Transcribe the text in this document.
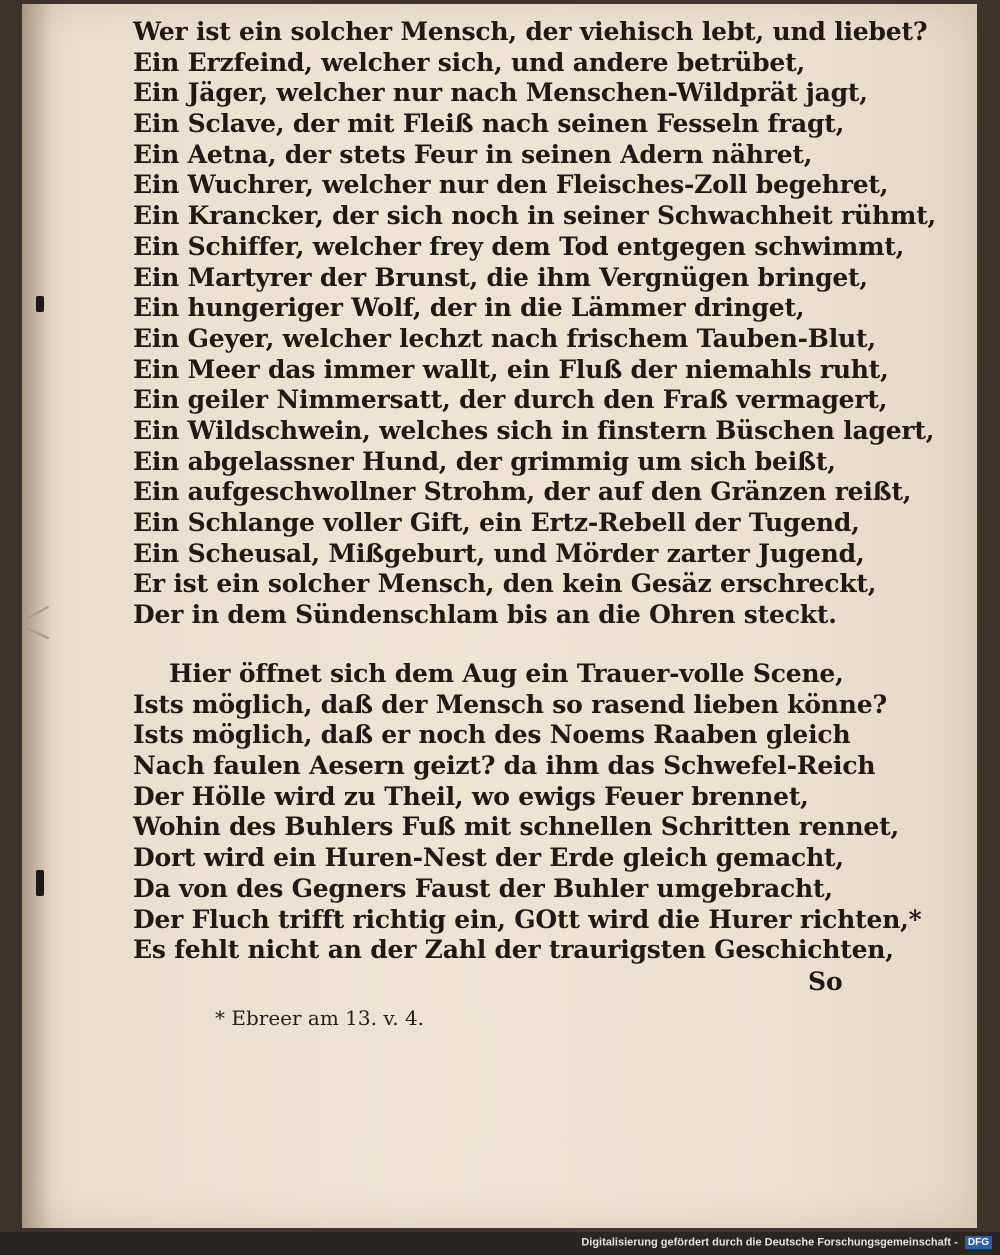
Wer ist ein solcher Mensch, der viehisch lebt, und liebet?
Ein Erzfeind, welcher sich, und andere betrübet,
Ein Jäger, welcher nur nach Menschen-Wildprät jagt,
Ein Sclave, der mit Fleiß nach seinen Fesseln fragt,
Ein Aetna, der stets Feur in seinen Adern nähret,
Ein Wuchrer, welcher nur den Fleisches-Zoll begehret,
Ein Krancker, der sich noch in seiner Schwachheit rühmt,
Ein Schiffer, welcher frey dem Tod entgegen schwimmt,
Ein Martyrer der Brunst, die ihm Vergnügen bringet,
Ein hungeriger Wolf, der in die Lämmer dringet,
Ein Geyer, welcher lechzt nach frischem Tauben-Blut,
Ein Meer das immer wallt, ein Fluß der niemahls ruht,
Ein geiler Nimmersatt, der durch den Fraß vermagert,
Ein Wildschwein, welches sich in finstern Büschen lagert,
Ein abgelassner Hund, der grimmig um sich beißt,
Ein aufgeschwollner Strohm, der auf den Gränzen reißt,
Ein Schlange voller Gift, ein Ertz-Rebell der Tugend,
Ein Scheusal, Mißgeburt, und Mörder zarter Jugend,
Er ist ein solcher Mensch, den kein Gesäz erschreckt,
Der in dem Sündenschlam bis an die Ohren steckt.
Hier öffnet sich dem Aug ein Trauer-volle Scene,
Ists möglich, daß der Mensch so rasend lieben könne?
Ists möglich, daß er noch des Noems Raaben gleich
Nach faulen Aesern geizt? da ihm das Schwefel-Reich
Der Hölle wird zu Theil, wo ewigs Feuer brennet,
Wohin des Buhlers Fuß mit schnellen Schritten rennet,
Dort wird ein Huren-Nest der Erde gleich gemacht,
Da von des Gegners Faust der Buhler umgebracht,
Der Fluch trifft richtig ein, GOtt wird die Hurer richten,*
Es fehlt nicht an der Zahl der traurigsten Geschichten,
So
* Ebreer am 13. v. 4.
Digitalisierung gefördert durch die Deutsche Forschungsgemeinschaft - DFG
